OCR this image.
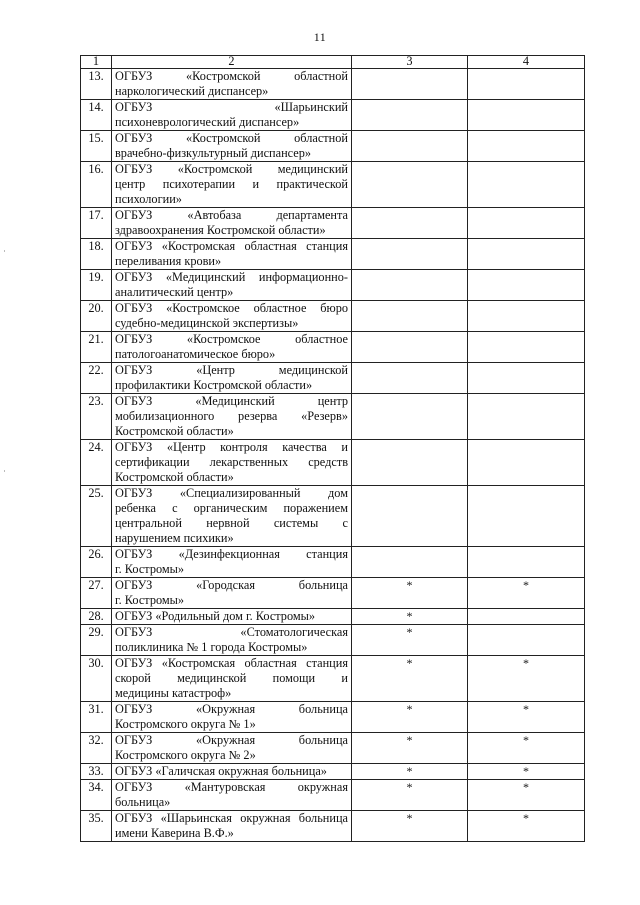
11
1	2	3	4
13.	ОГБУЗ «Костромской областной
наркологический диспансер»		

14.	ОГБУЗ «Шарьинский
психоневрологический диспансер»		

15.	ОГБУЗ «Костромской областной
врачебно-физкультурный диспансер»		

16.	ОГБУЗ «Костромской медицинский
центр психотерапии и практической
психологии»		

17.	ОГБУЗ «Автобаза департамента
здравоохранения Костромской области»		

18.	ОГБУЗ «Костромская областная станция
переливания крови»		

19.	ОГБУЗ «Медицинский информационно-
аналитический центр»		

20.	ОГБУЗ «Костромское областное бюро
судебно-медицинской экспертизы»		

21.	ОГБУЗ «Костромское областное
патологоанатомическое бюро»		

22.	ОГБУЗ «Центр медицинской
профилактики Костромской области»		

23.	ОГБУЗ «Медицинский центр
мобилизационного резерва «Резерв»
Костромской области»		

24.	ОГБУЗ «Центр контроля качества и
сертификации лекарственных средств
Костромской области»		

25.	ОГБУЗ «Специализированный дом
ребенка с органическим поражением
центральной нервной системы с
нарушением психики»		

26.	ОГБУЗ «Дезинфекционная станция
г. Костромы»		

27.	ОГБУЗ «Городская больница
г. Костромы»	*	*
28.	ОГБУЗ «Родильный дом г. Костромы»	*	
29.	ОГБУЗ «Стоматологическая
поликлиника № 1 города Костромы»	*	
30.	ОГБУЗ «Костромская областная станция
скорой медицинской помощи и
медицины катастроф»	*	*
31.	ОГБУЗ «Окружная больница
Костромского округа № 1»	*	*
32.	ОГБУЗ «Окружная больница
Костромского округа № 2»	*	*
33.	ОГБУЗ «Галичская окружная больница»	*	*
34.	ОГБУЗ «Мантуровская окружная
больница»	*	*
35.	ОГБУЗ «Шарьинская окружная больница
имени Каверина В.Ф.»	*	*
